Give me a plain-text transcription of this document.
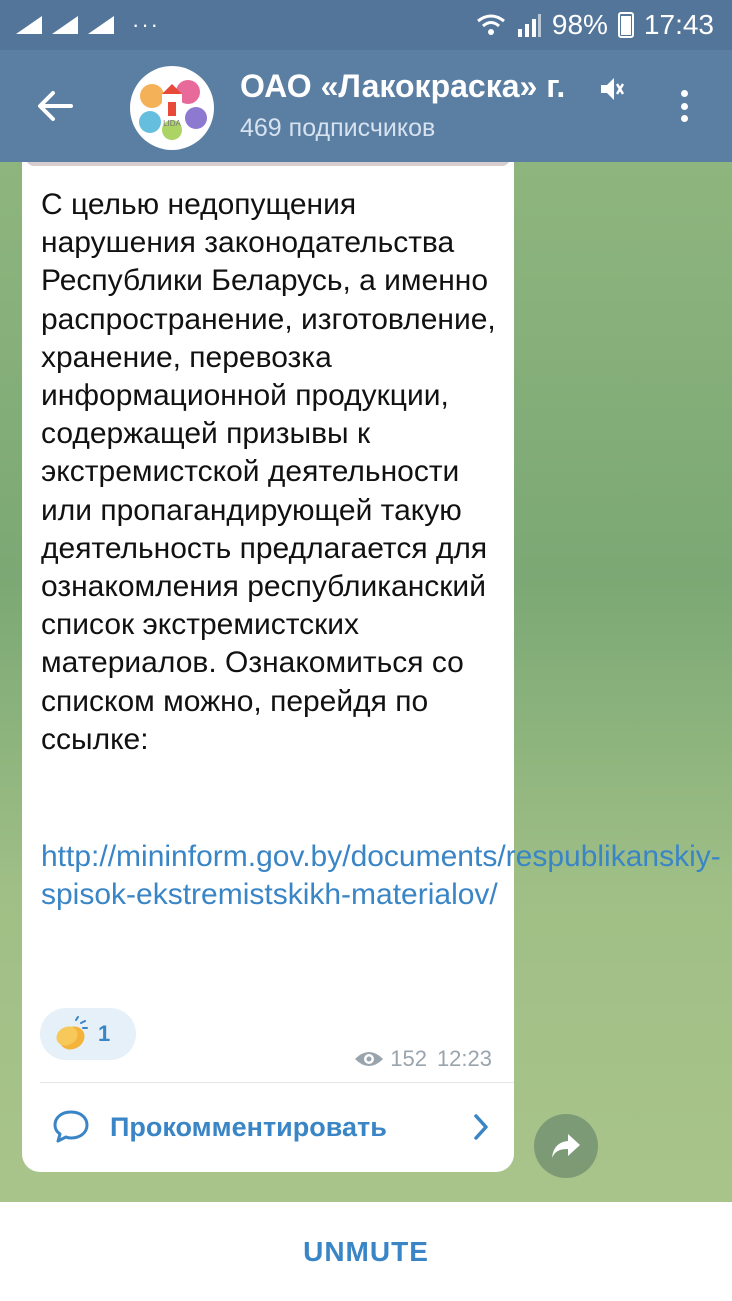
···	98% 17:43
LIDA
ОАО «Лакокраска» г.
469 подписчиков
С целью недопущения нарушения законодательства Республики Беларусь, а именно распространение, изготовление, хранение, перевозка информационной продукции, содержащей призывы к экстремистской деятельности или пропагандирующей такую деятельность предлагается для ознакомления республиканский список экстремистских материалов. Ознакомиться со списком можно, перейдя по ссылке:
http://mininform.gov.by/documents/respublikanskiy-spisok-ekstremistskikh-materialov/
1
152 12:23
Прокомментировать
UNMUTE
